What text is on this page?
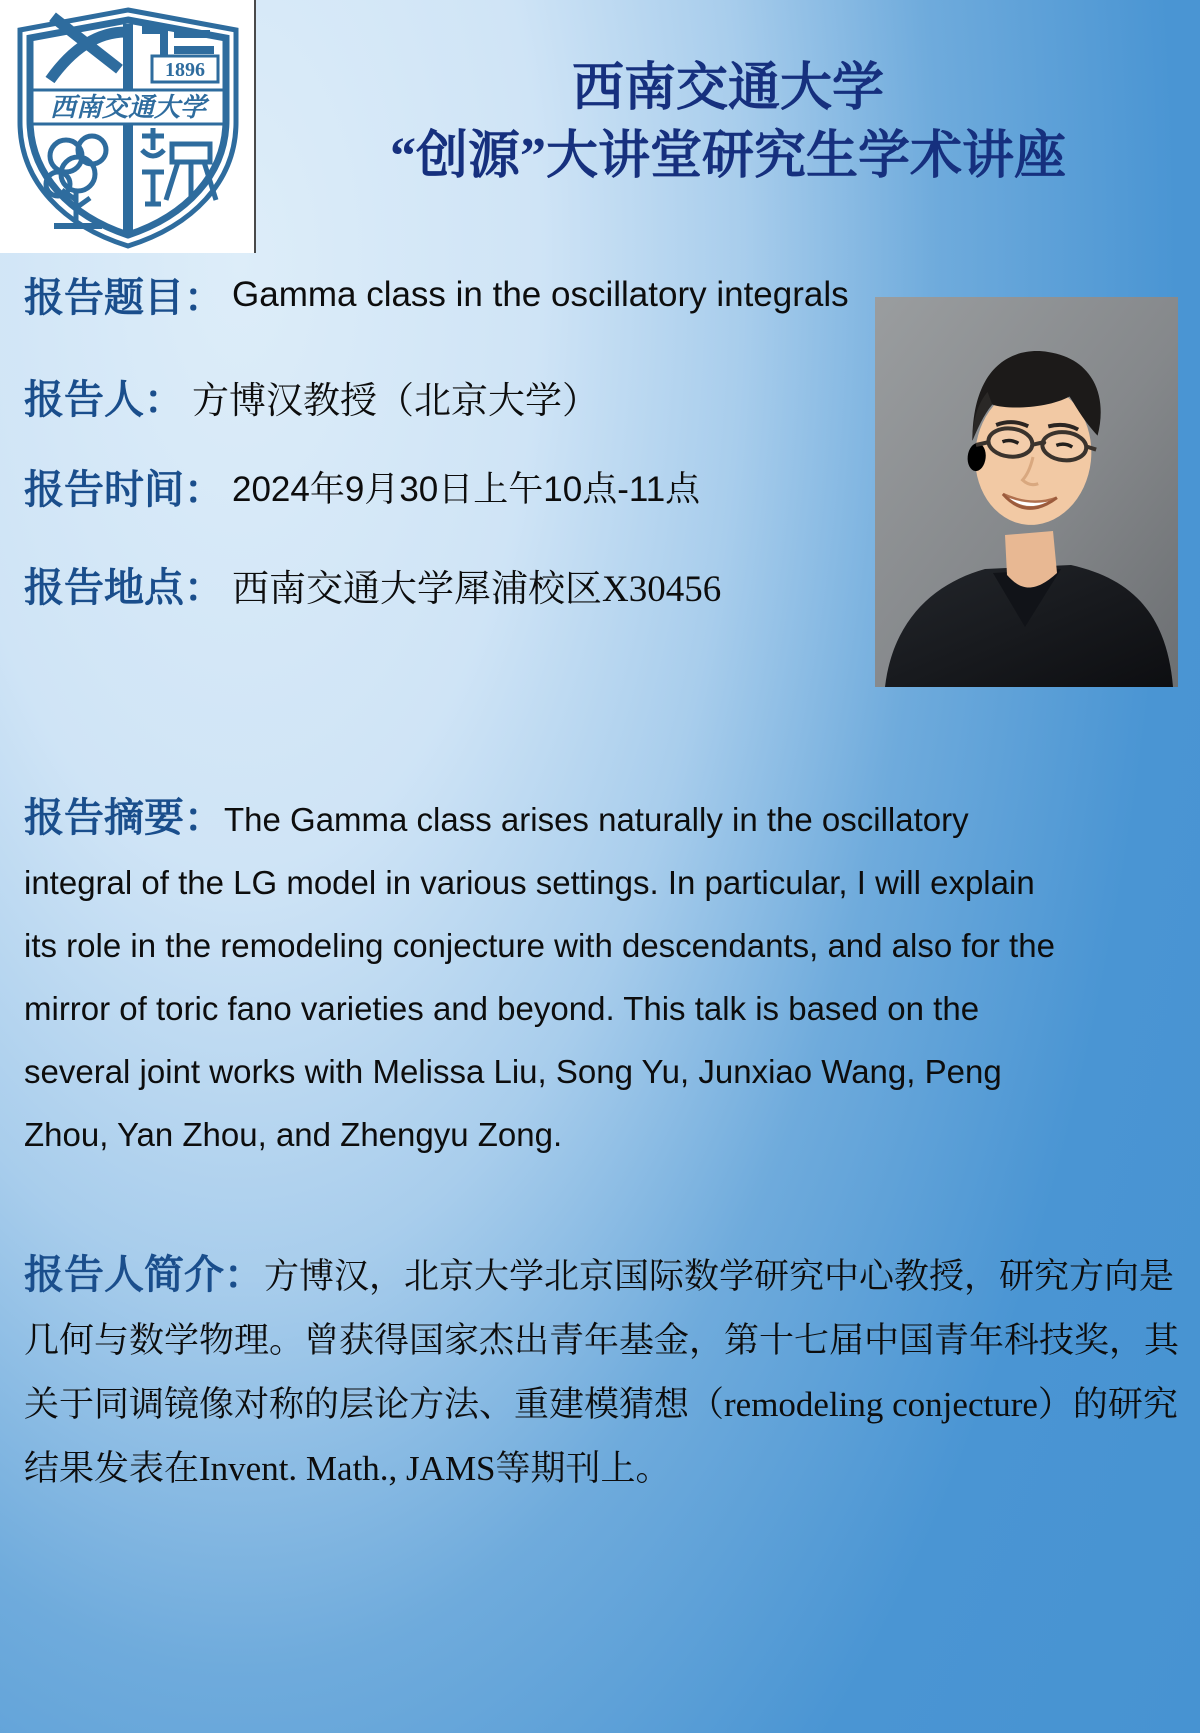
1896
西南交通大学	西南交通大学
“创源”大讲堂研究生学术讲座
报告题目： Gamma class in the oscillatory integrals
报告人： 方博汉教授（北京大学）
报告时间： 2024年9月30日上午10点-11点
报告地点： 西南交通大学犀浦校区X30456

报告摘要：The Gamma class arises naturally in the oscillatory integral of the LG model in various settings. In particular, I will explain its role in the remodeling conjecture with descendants, and also for the mirror of toric fano varieties and beyond. This talk is based on the several joint works with Melissa Liu, Song Yu, Junxiao Wang, Peng Zhou, Yan Zhou, and Zhengyu Zong.

报告人简介：方博汉，北京大学北京国际数学研究中心教授，研究方向是几何与数学物理。曾获得国家杰出青年基金，第十七届中国青年科技奖，其关于同调镜像对称的层论方法、重建模猜想（remodeling conjecture）的研究结果发表在Invent. Math., JAMS等期刊上。
